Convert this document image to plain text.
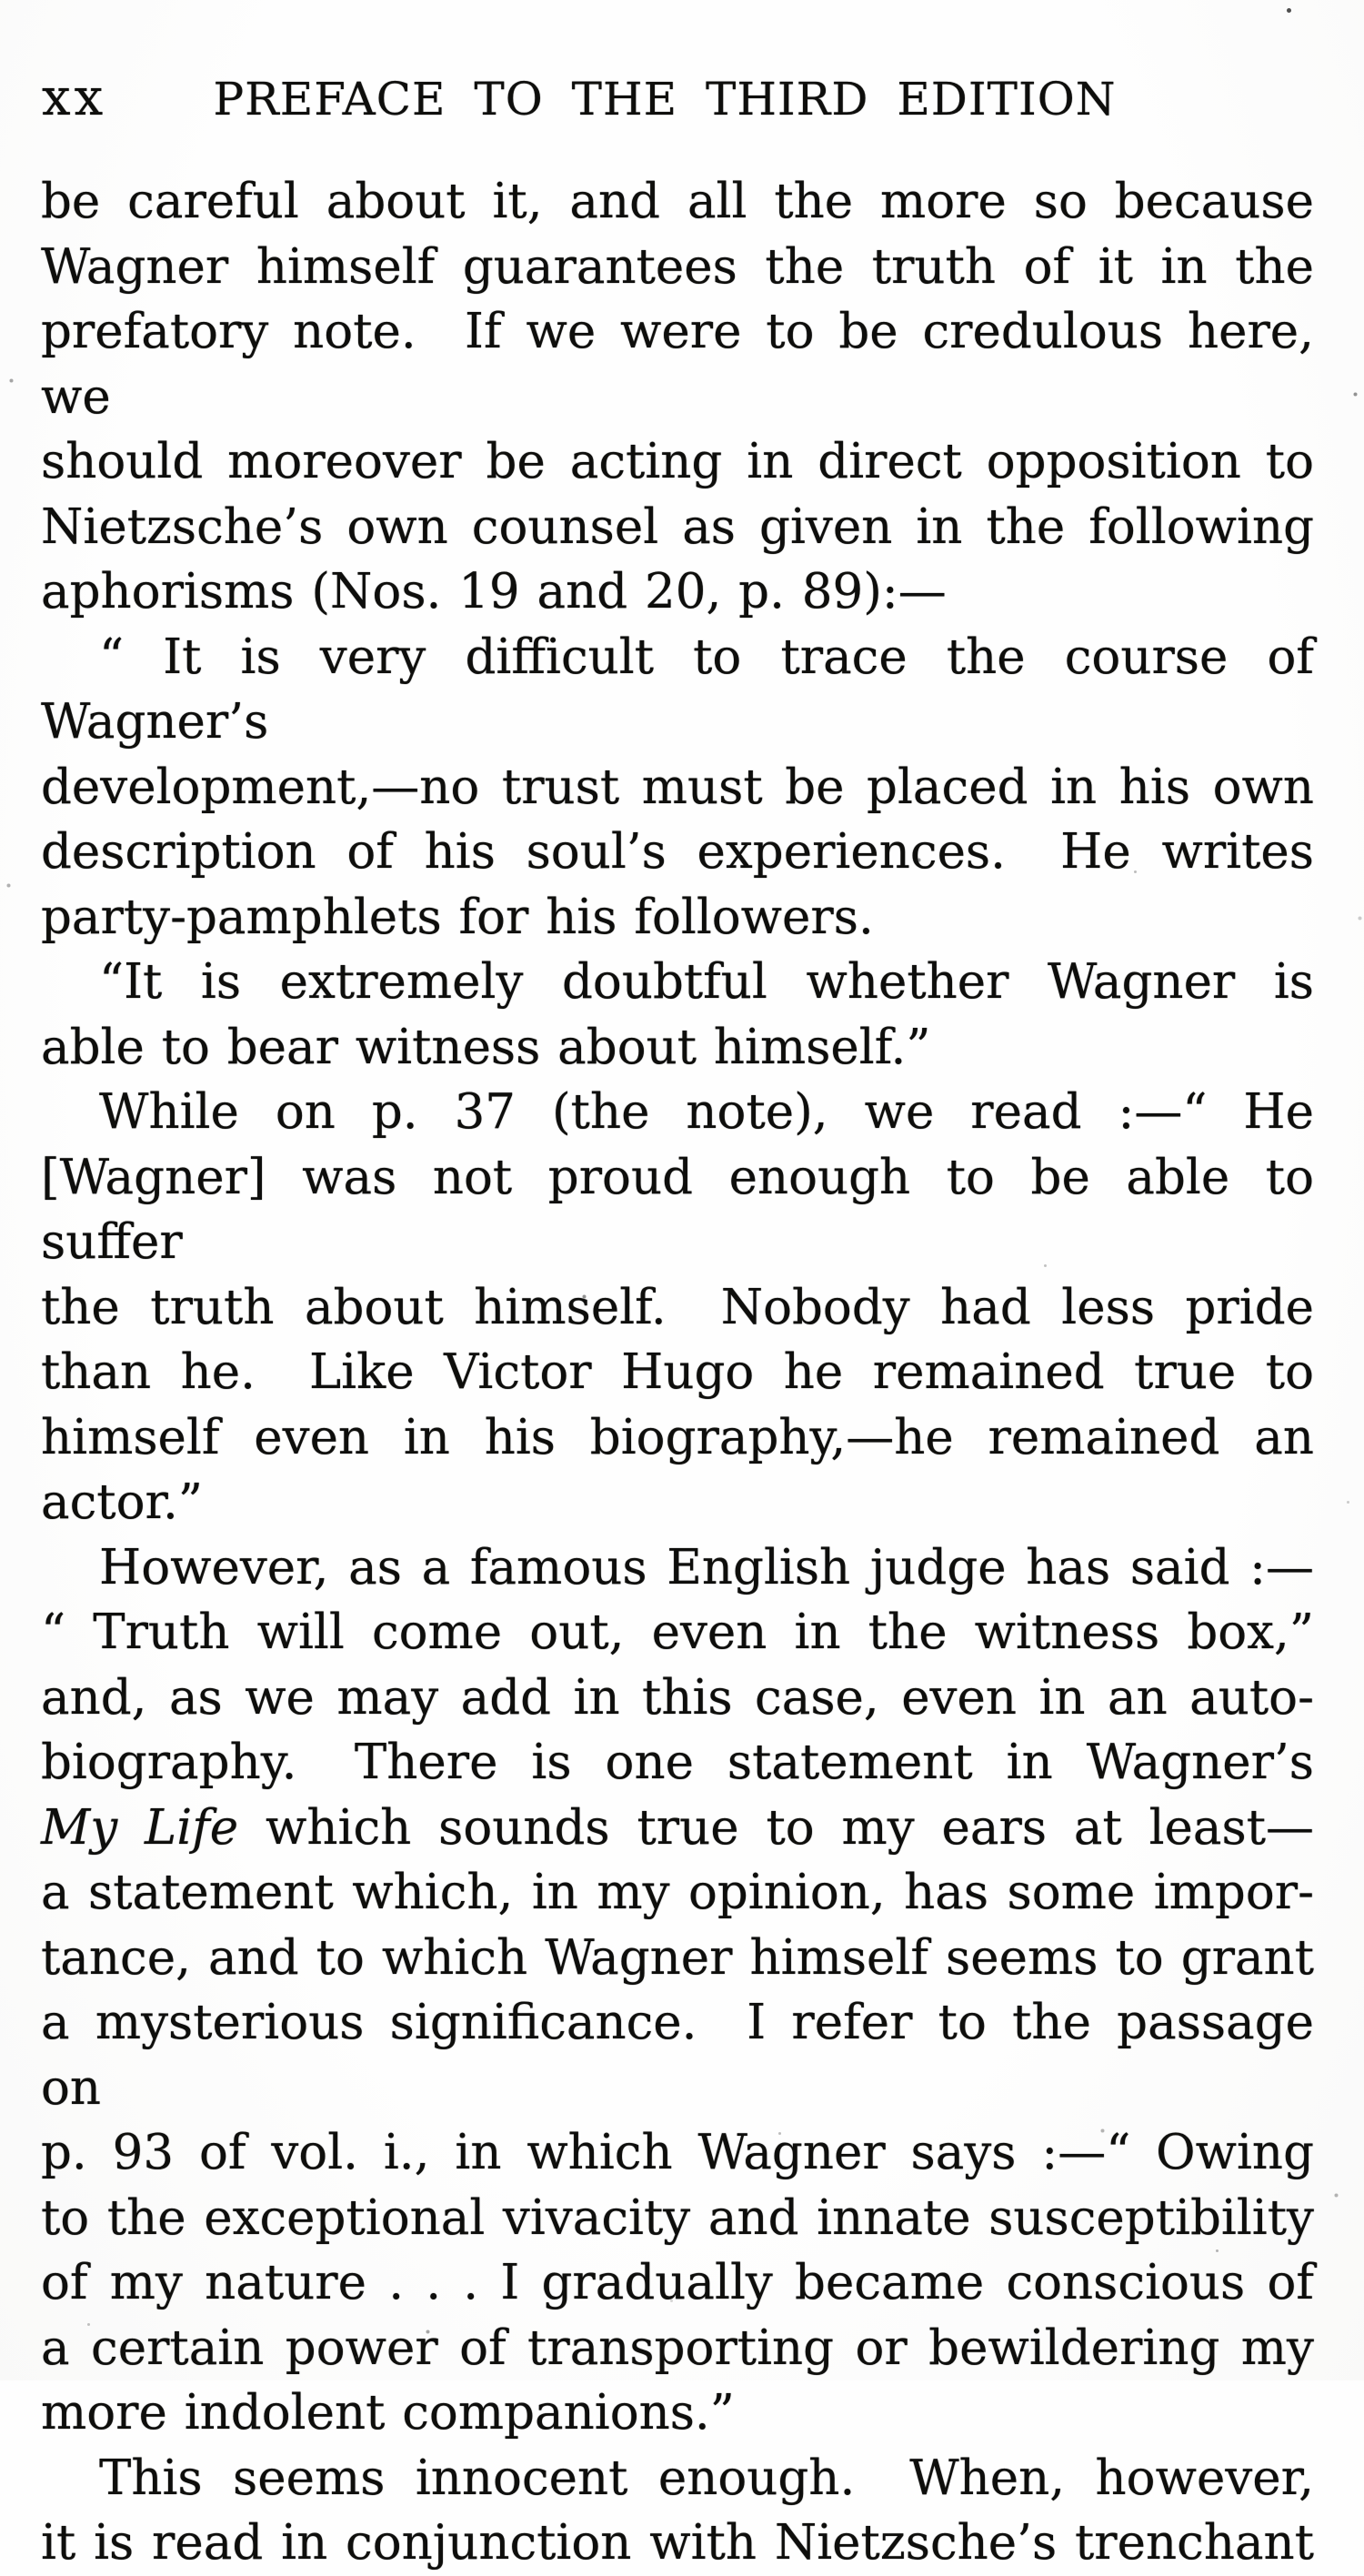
xx PREFACE TO THE THIRD EDITION
be careful about it, and all the more so because
Wagner himself guarantees the truth of it in the
prefatory note.  If we were to be credulous here, we
should moreover be acting in direct opposition to
Nietzsche’s own counsel as given in the following
aphorisms (Nos. 19 and 20, p. 89):—
“ It is very difficult to trace the course of Wagner’s
development,—no trust must be placed in his own
description of his soul’s experiences.  He writes
party-pamphlets for his followers.
“It is extremely doubtful whether Wagner is
able to bear witness about himself.”
While on p. 37 (the note), we read :—“ He
[Wagner] was not proud enough to be able to suffer
the truth about himself.  Nobody had less pride
than he.  Like Victor Hugo he remained true to
himself even in his biography,—he remained an
actor.”
However, as a famous English judge has said :—
“ Truth will come out, even in the witness box,”
and, as we may add in this case, even in an auto-
biography.  There is one statement in Wagner’s
My Life which sounds true to my ears at least—
a statement which, in my opinion, has some impor-
tance, and to which Wagner himself seems to grant
a mysterious significance.  I refer to the passage on
p. 93 of vol. i., in which Wagner says :—“ Owing
to the exceptional vivacity and innate susceptibility
of my nature . . . I gradually became conscious of
a certain power of transporting or bewildering my
more indolent companions.”
This seems innocent enough.  When, however,
it is read in conjunction with Nietzsche’s trenchant
